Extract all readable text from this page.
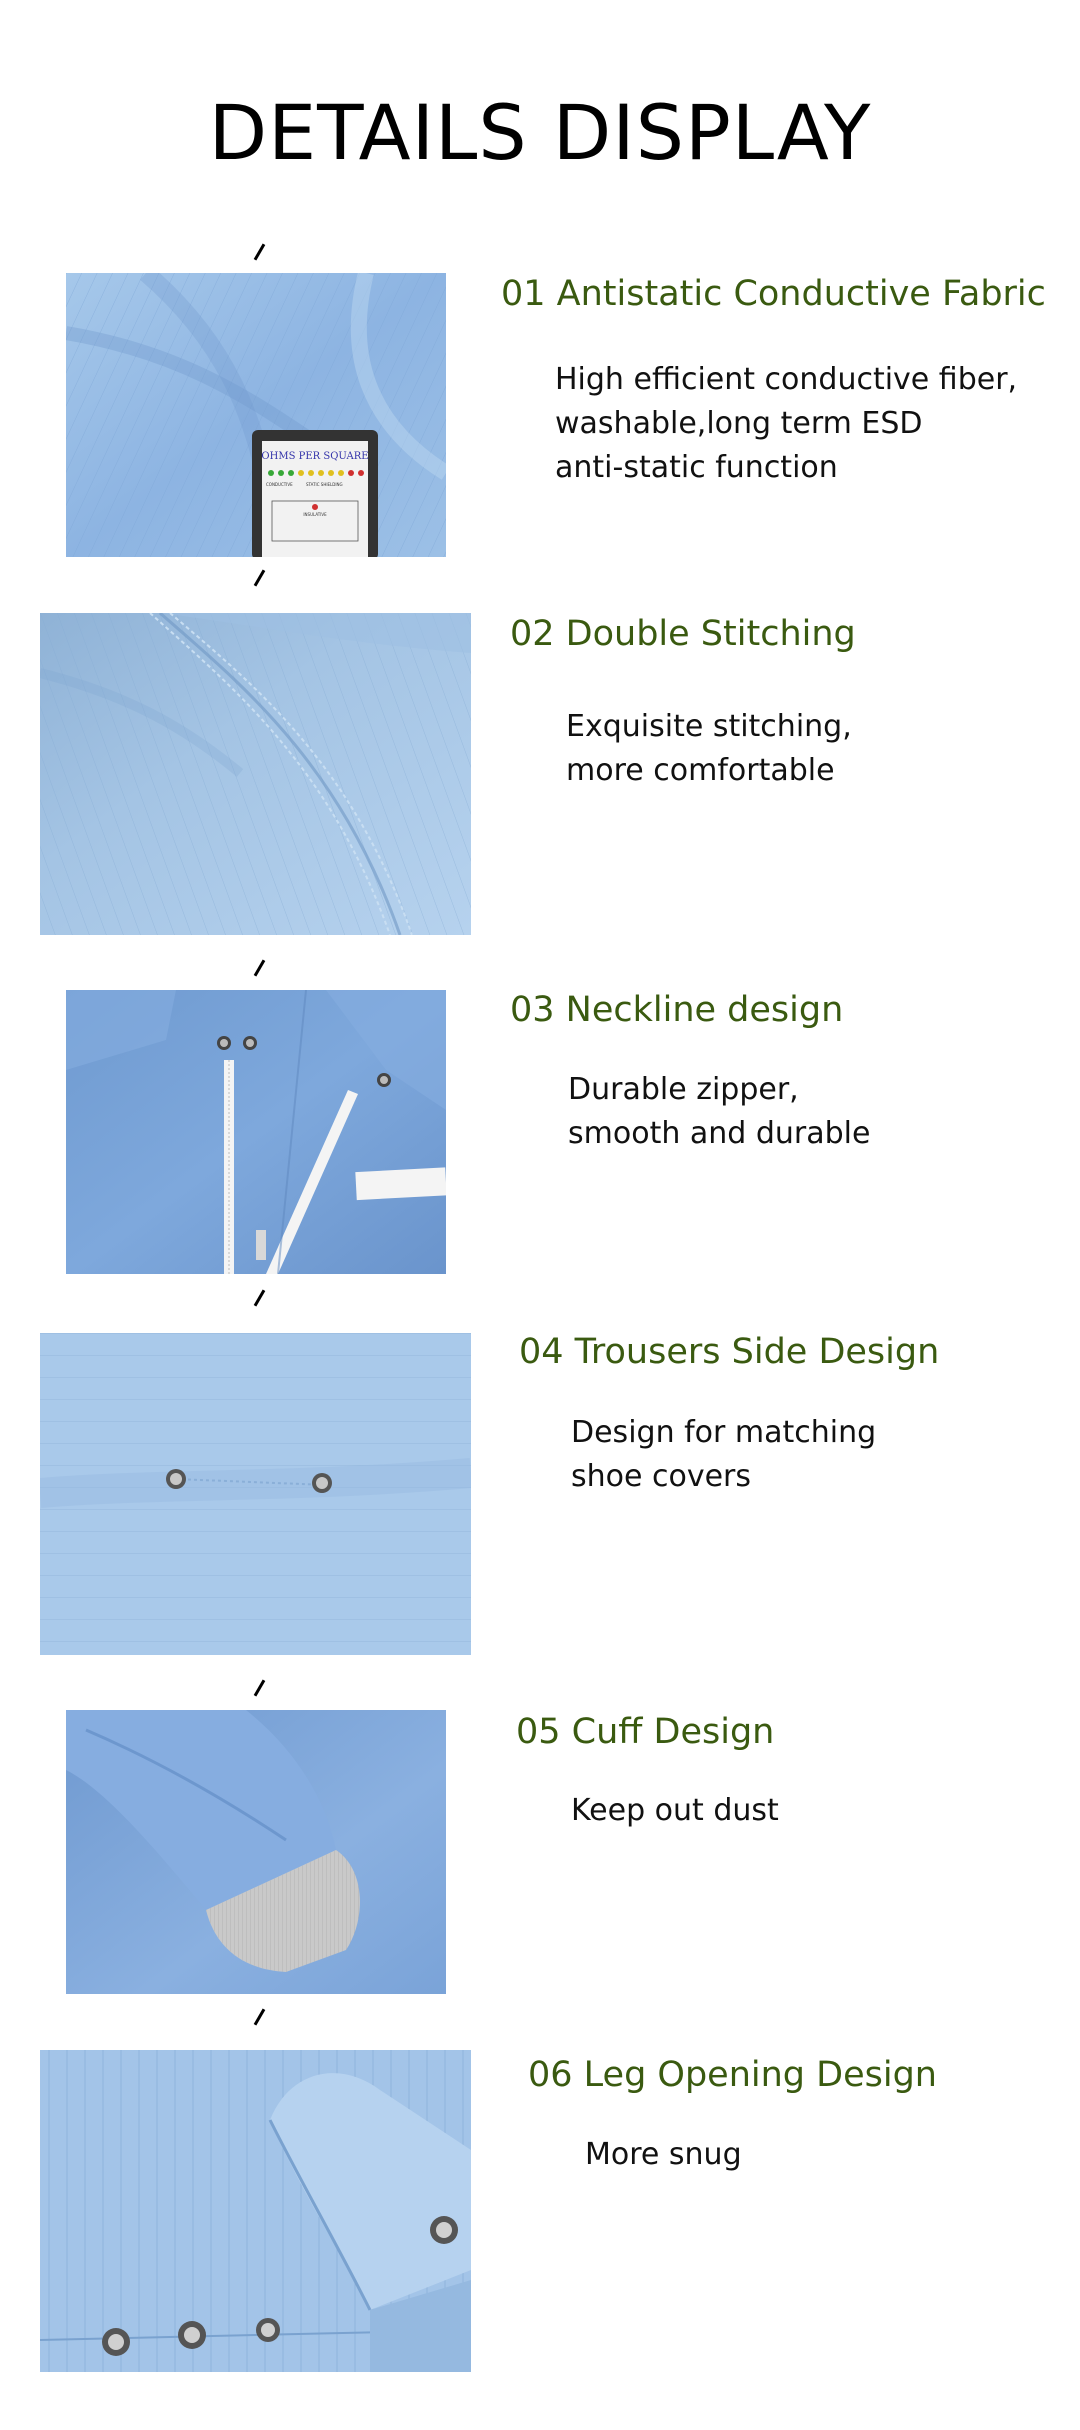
DETAILS DISPLAY
OHMS PER SQUARE
CONDUCTIVE	STATIC SHIELDING
INSULATIVE
01 Antistatic Conductive Fabric
High efficient conductive fiber,
washable,long term ESD
anti-static function
02 Double Stitching
Exquisite stitching,
more comfortable
03 Neckline design
Durable zipper,
smooth and durable
04 Trousers Side Design
Design for matching
shoe covers
05 Cuff Design
Keep out dust
06 Leg Opening Design
More snug
